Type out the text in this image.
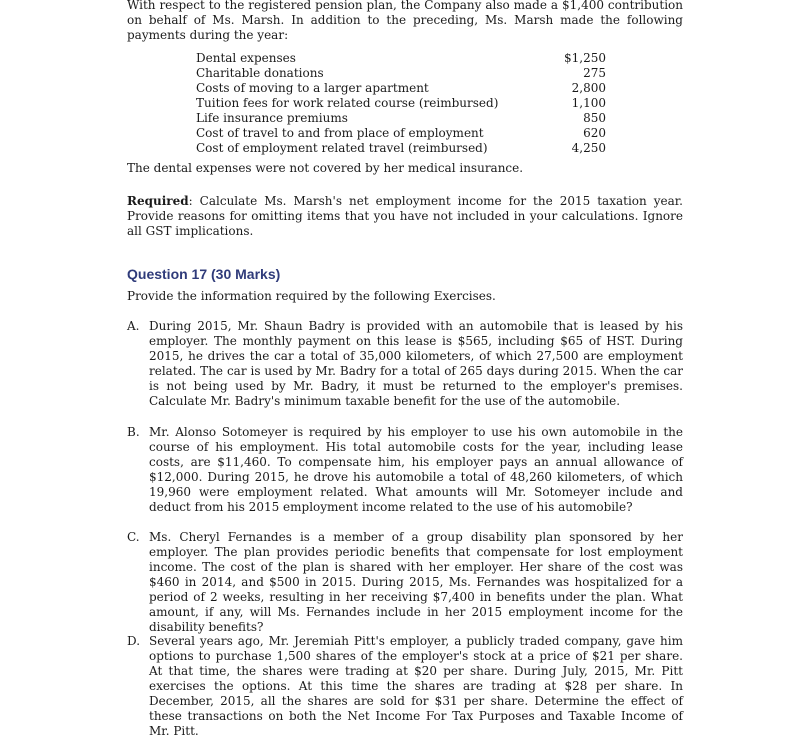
With respect to the registered pension plan, the Company also made a $1,400 contribution on behalf of Ms. Marsh. In addition to the preceding, Ms. Marsh made the following payments during the year:
Dental expenses	$1,250
Charitable donations	275
Costs of moving to a larger apartment	2,800
Tuition fees for work related course (reimbursed)	1,100
Life insurance premiums	850
Cost of travel to and from place of employment	620
Cost of employment related travel (reimbursed)	4,250
The dental expenses were not covered by her medical insurance.
Required: Calculate Ms. Marsh's net employment income for the 2015 taxation year. Provide reasons for omitting items that you have not included in your calculations. Ignore all GST implications.
Question 17 (30 Marks)
Provide the information required by the following Exercises.
A. During 2015, Mr. Shaun Badry is provided with an automobile that is leased by his employer. The monthly payment on this lease is $565, including $65 of HST. During 2015, he drives the car a total of 35,000 kilometers, of which 27,500 are employment related. The car is used by Mr. Badry for a total of 265 days during 2015. When the car is not being used by Mr. Badry, it must be returned to the employer's premises. Calculate Mr. Badry's minimum taxable benefit for the use of the automobile.
B. Mr. Alonso Sotomeyer is required by his employer to use his own automobile in the course of his employment. His total automobile costs for the year, including lease costs, are $11,460. To compensate him, his employer pays an annual allowance of $12,000. During 2015, he drove his automobile a total of 48,260 kilometers, of which 19,960 were employment related. What amounts will Mr. Sotomeyer include and deduct from his 2015 employment income related to the use of his automobile?
C. Ms. Cheryl Fernandes is a member of a group disability plan sponsored by her employer. The plan provides periodic benefits that compensate for lost employment income. The cost of the plan is shared with her employer. Her share of the cost was $460 in 2014, and $500 in 2015. During 2015, Ms. Fernandes was hospitalized for a period of 2 weeks, resulting in her receiving $7,400 in benefits under the plan. What amount, if any, will Ms. Fernandes include in her 2015 employment income for the disability benefits?
D. Several years ago, Mr. Jeremiah Pitt's employer, a publicly traded company, gave him options to purchase 1,500 shares of the employer's stock at a price of $21 per share. At that time, the shares were trading at $20 per share. During July, 2015, Mr. Pitt exercises the options. At this time the shares are trading at $28 per share. In December, 2015, all the shares are sold for $31 per share. Determine the effect of these transactions on both the Net Income For Tax Purposes and Taxable Income of Mr. Pitt.
